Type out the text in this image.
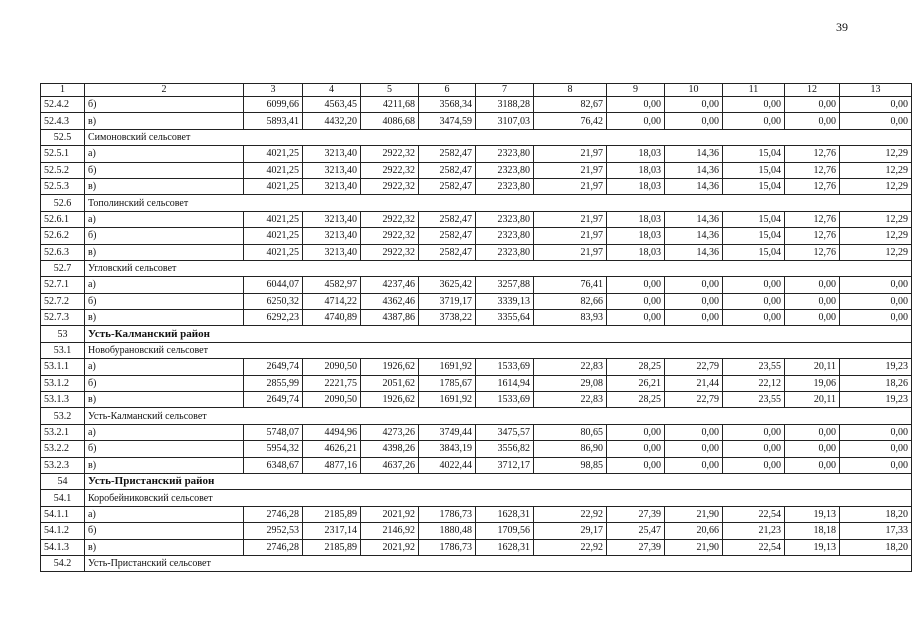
39
1	2	3	4	5	6	7	8	9	10	11	12	13
52.4.2	б)	6099,66	4563,45	4211,68	3568,34	3188,28	82,67	0,00	0,00	0,00	0,00	0,00
52.4.3	в)	5893,41	4432,20	4086,68	3474,59	3107,03	76,42	0,00	0,00	0,00	0,00	0,00
52.5	Симоновский сельсовет											
52.5.1	а)	4021,25	3213,40	2922,32	2582,47	2323,80	21,97	18,03	14,36	15,04	12,76	12,29
52.5.2	б)	4021,25	3213,40	2922,32	2582,47	2323,80	21,97	18,03	14,36	15,04	12,76	12,29
52.5.3	в)	4021,25	3213,40	2922,32	2582,47	2323,80	21,97	18,03	14,36	15,04	12,76	12,29
52.6	Тополинский сельсовет											
52.6.1	а)	4021,25	3213,40	2922,32	2582,47	2323,80	21,97	18,03	14,36	15,04	12,76	12,29
52.6.2	б)	4021,25	3213,40	2922,32	2582,47	2323,80	21,97	18,03	14,36	15,04	12,76	12,29
52.6.3	в)	4021,25	3213,40	2922,32	2582,47	2323,80	21,97	18,03	14,36	15,04	12,76	12,29
52.7	Угловский сельсовет											
52.7.1	а)	6044,07	4582,97	4237,46	3625,42	3257,88	76,41	0,00	0,00	0,00	0,00	0,00
52.7.2	б)	6250,32	4714,22	4362,46	3719,17	3339,13	82,66	0,00	0,00	0,00	0,00	0,00
52.7.3	в)	6292,23	4740,89	4387,86	3738,22	3355,64	83,93	0,00	0,00	0,00	0,00	0,00
53	Усть-Калманский район											
53.1	Новобурановский сельсовет											
53.1.1	а)	2649,74	2090,50	1926,62	1691,92	1533,69	22,83	28,25	22,79	23,55	20,11	19,23
53.1.2	б)	2855,99	2221,75	2051,62	1785,67	1614,94	29,08	26,21	21,44	22,12	19,06	18,26
53.1.3	в)	2649,74	2090,50	1926,62	1691,92	1533,69	22,83	28,25	22,79	23,55	20,11	19,23
53.2	Усть-Калманский сельсовет											
53.2.1	а)	5748,07	4494,96	4273,26	3749,44	3475,57	80,65	0,00	0,00	0,00	0,00	0,00
53.2.2	б)	5954,32	4626,21	4398,26	3843,19	3556,82	86,90	0,00	0,00	0,00	0,00	0,00
53.2.3	в)	6348,67	4877,16	4637,26	4022,44	3712,17	98,85	0,00	0,00	0,00	0,00	0,00
54	Усть-Пристанский район											
54.1	Коробейниковский сельсовет											
54.1.1	а)	2746,28	2185,89	2021,92	1786,73	1628,31	22,92	27,39	21,90	22,54	19,13	18,20
54.1.2	б)	2952,53	2317,14	2146,92	1880,48	1709,56	29,17	25,47	20,66	21,23	18,18	17,33
54.1.3	в)	2746,28	2185,89	2021,92	1786,73	1628,31	22,92	27,39	21,90	22,54	19,13	18,20
54.2	Усть-Пристанский сельсовет											
